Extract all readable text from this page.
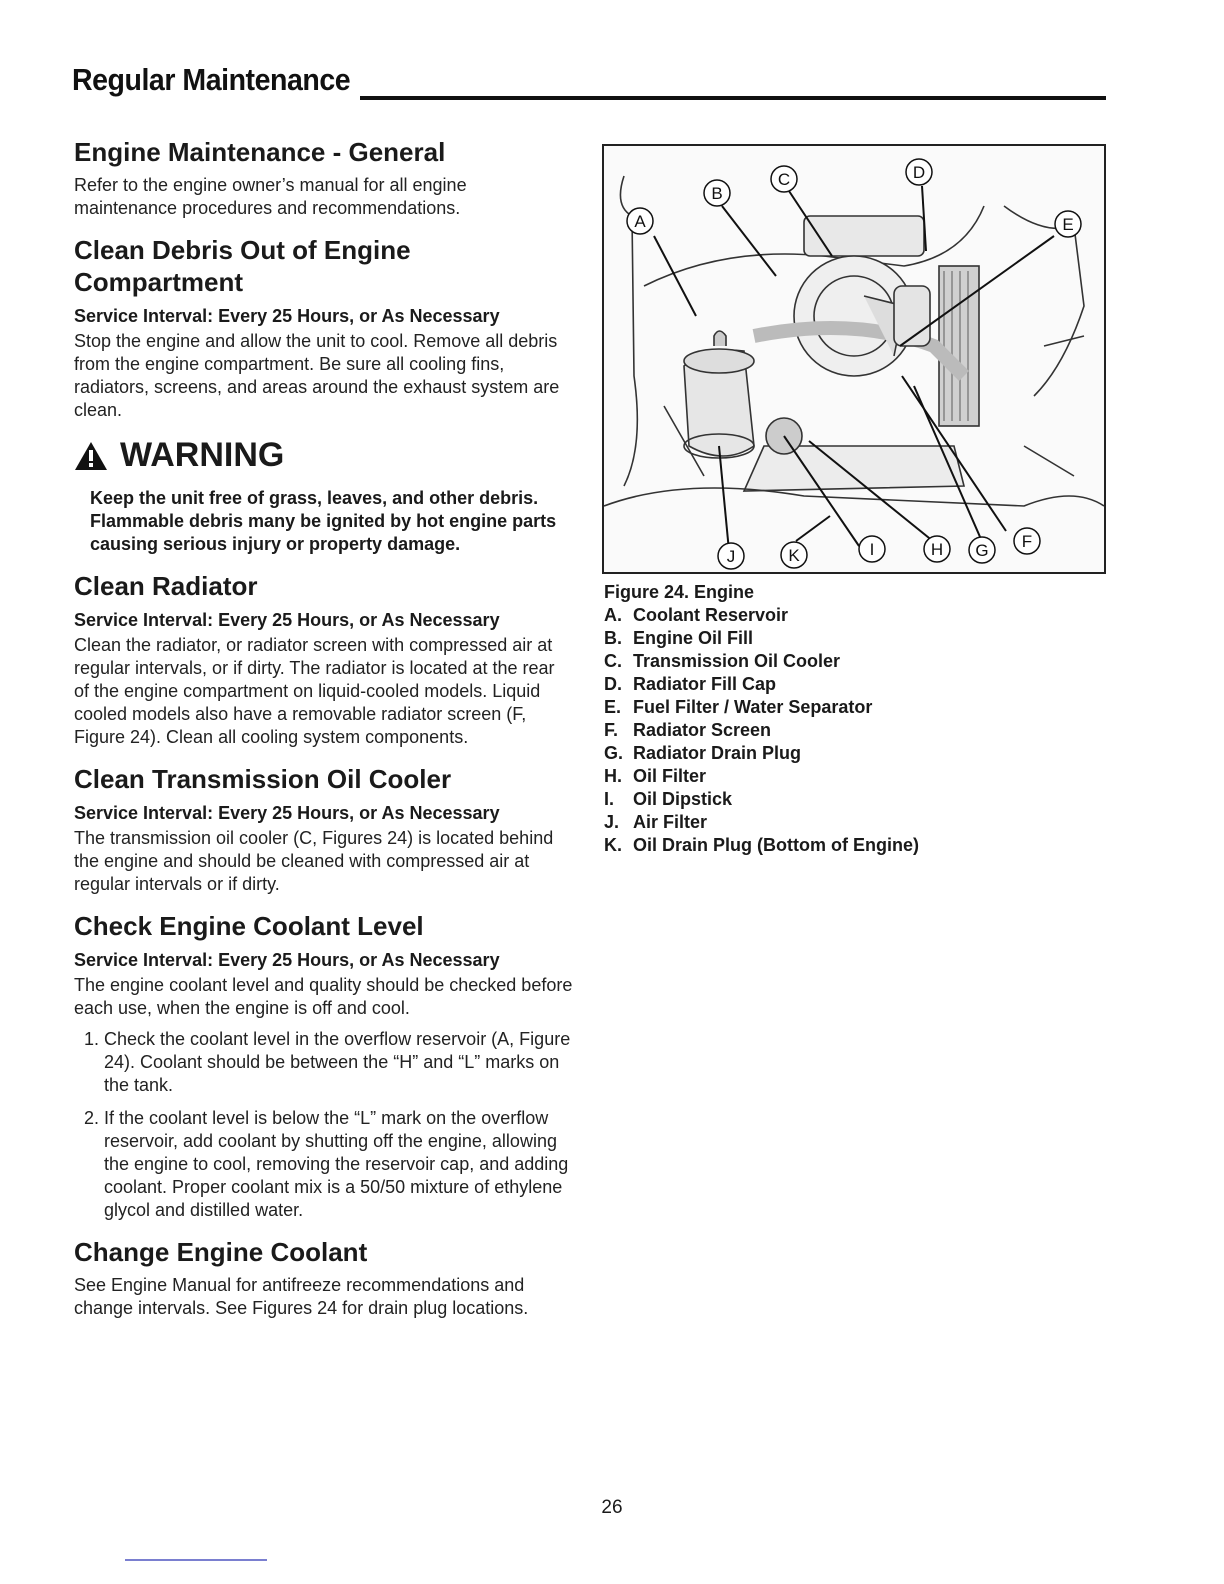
Regular Maintenance
Engine Maintenance - General

Refer to the engine owner’s manual for all engine maintenance procedures and recommendations.

Clean Debris Out of Engine Compartment
Service Interval: Every 25 Hours, or As Necessary

Stop the engine and allow the unit to cool. Remove all debris from the engine compartment. Be sure all cooling fins, radiators, screens, and areas around the exhaust system are clean.

WARNING

Keep the unit free of grass, leaves, and other debris. Flammable debris many be ignited by hot engine parts causing serious injury or property damage.

Clean Radiator
Service Interval: Every 25 Hours, or As Necessary

Clean the radiator, or radiator screen with compressed air at regular intervals, or if dirty. The radiator is located at the rear of the engine compartment on liquid-cooled models. Liquid cooled models also have a removable radiator screen (F, Figure 24). Clean all cooling system components.

Clean Transmission Oil Cooler
Service Interval: Every 25 Hours, or As Necessary

The transmission oil cooler (C, Figures 24) is located behind the engine and should be cleaned with compressed air at regular intervals or if dirty.

Check Engine Coolant Level
Service Interval: Every 25 Hours, or As Necessary

The engine coolant level and quality should be checked before each use, when the engine is off and cool.

1. Check the coolant level in the overflow reservoir (A, Figure 24). Coolant should be between the “H” and “L” marks on the tank.
2. If the coolant level is below the “L” mark on the overflow reservoir, add coolant by shutting off the engine, allowing the engine to cool, removing the reservoir cap, and adding coolant. Proper coolant mix is a 50/50 mixture of ethylene glycol and distilled water.
Change Engine Coolant

See Engine Manual for antifreeze recommendations and change intervals. See Figures 24 for drain plug locations.

A
B
C	D
E
F
G
H
I
J	K
Figure 24. Engine
A. Coolant Reservoir
B. Engine Oil Fill
C. Transmission Oil Cooler
D. Radiator Fill Cap
E. Fuel Filter / Water Separator
F. Radiator Screen
G. Radiator Drain Plug
H. Oil Filter
I.	Oil Dipstick
J. Air Filter
K. Oil Drain Plug (Bottom of Engine)
26
